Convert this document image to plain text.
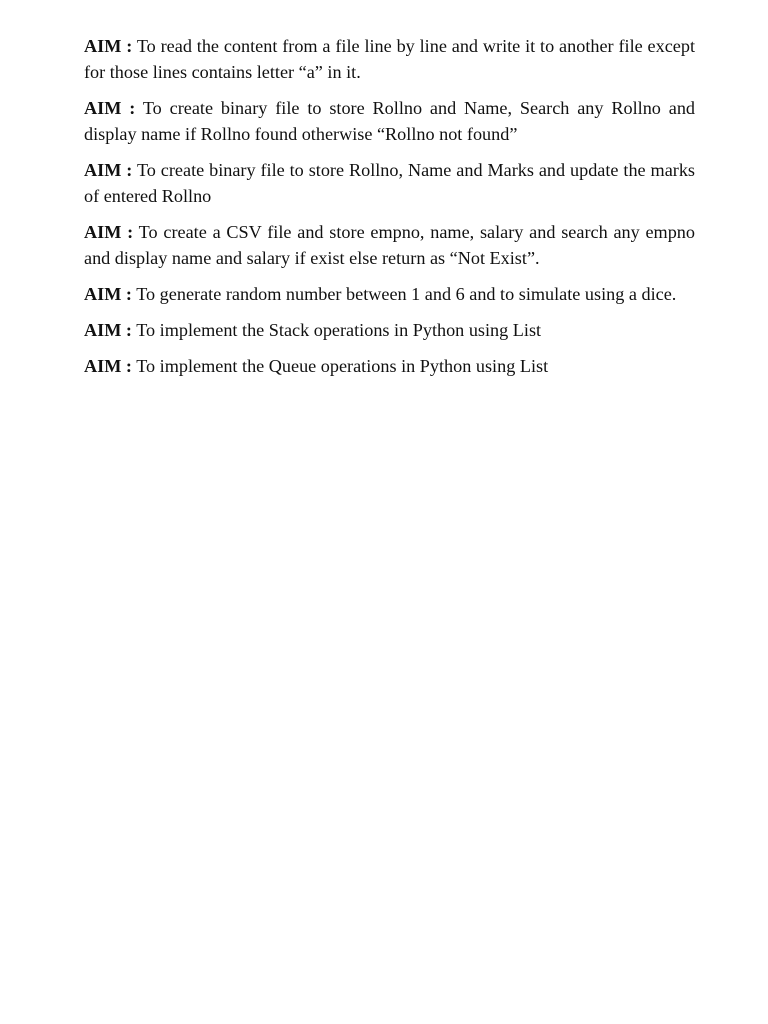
AIM : To read the content from a file line by line and write it to another file except for those lines contains letter “a” in it.

AIM : To create binary file to store Rollno and Name, Search any Rollno and display name if Rollno found otherwise “Rollno not found”

AIM : To create binary file to store Rollno, Name and Marks and update the marks of entered Rollno

AIM : To create a CSV file and store empno, name, salary and search any empno and display name and salary if exist else return as “Not Exist”.

AIM : To generate random number between 1 and 6 and to simulate using a dice.

AIM : To implement the Stack operations in Python using List

AIM : To implement the Queue operations in Python using List
